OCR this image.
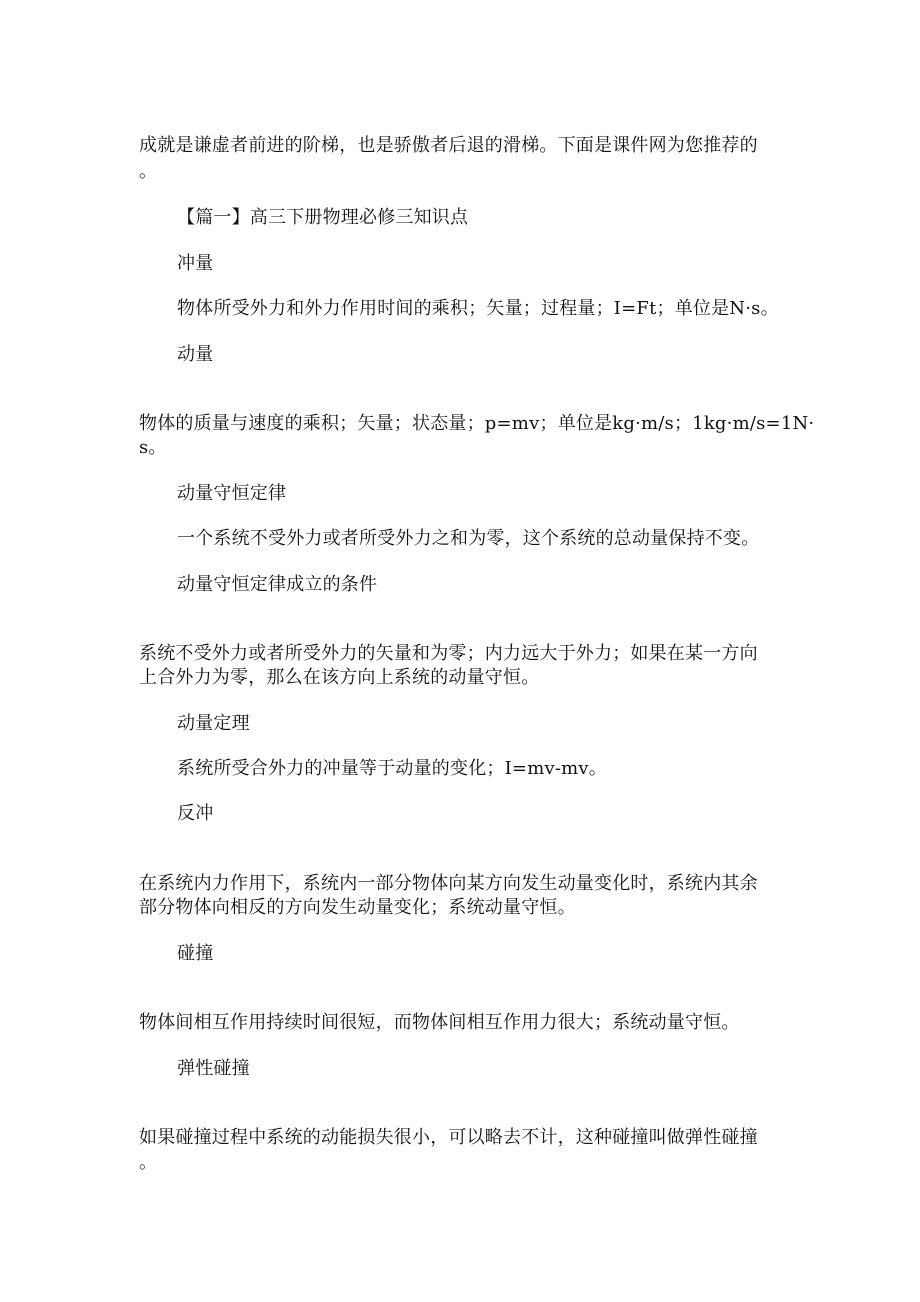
成就是谦虚者前进的阶梯，也是骄傲者后退的滑梯。下面是课件网为您推荐的
。
【篇一】高三下册物理必修三知识点
冲量
物体所受外力和外力作用时间的乘积；矢量；过程量；I=Ft；单位是N·s。
动量
物体的质量与速度的乘积；矢量；状态量；p=mv；单位是kg·m/s；1kg·m/s=1N·
s。
动量守恒定律
一个系统不受外力或者所受外力之和为零，这个系统的总动量保持不变。
动量守恒定律成立的条件
系统不受外力或者所受外力的矢量和为零；内力远大于外力；如果在某一方向
上合外力为零，那么在该方向上系统的动量守恒。
动量定理
系统所受合外力的冲量等于动量的变化；I=mv-mv。
反冲
在系统内力作用下，系统内一部分物体向某方向发生动量变化时，系统内其余
部分物体向相反的方向发生动量变化；系统动量守恒。
碰撞
物体间相互作用持续时间很短，而物体间相互作用力很大；系统动量守恒。
弹性碰撞
如果碰撞过程中系统的动能损失很小，可以略去不计，这种碰撞叫做弹性碰撞
。
